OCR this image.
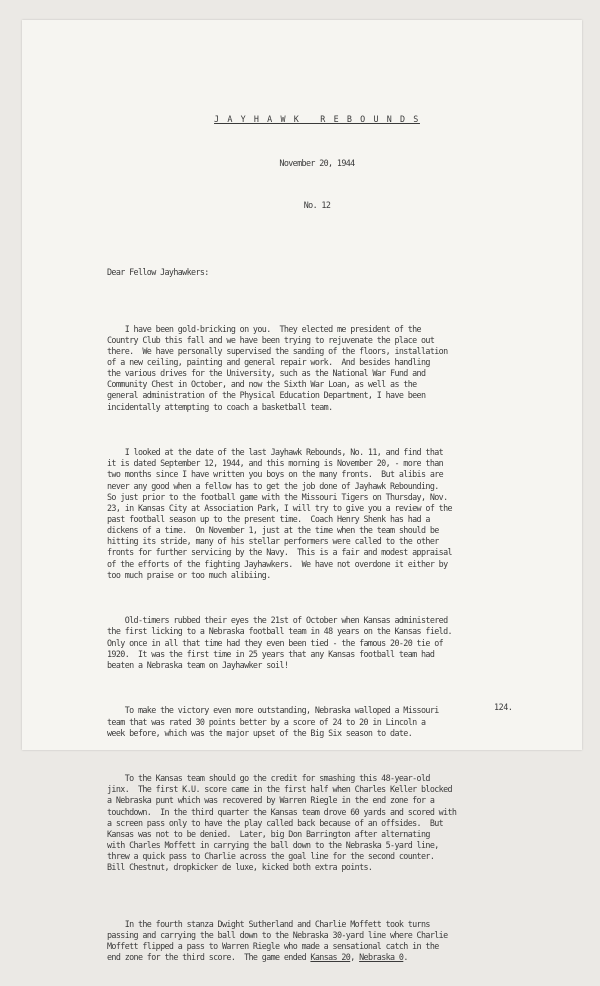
J A Y H A W K   R E B O U N D S

November 20, 1944

No. 12

Dear Fellow Jayhawkers:

I have been gold-bricking on you.  They elected me president of the
Country Club this fall and we have been trying to rejuvenate the place out
there.  We have personally supervised the sanding of the floors, installation
of a new ceiling, painting and general repair work.  And besides handling
the various drives for the University, such as the National War Fund and
Community Chest in October, and now the Sixth War Loan, as well as the
general administration of the Physical Education Department, I have been
incidentally attempting to coach a basketball team.

I looked at the date of the last Jayhawk Rebounds, No. 11, and find that
it is dated September 12, 1944, and this morning is November 20, - more than
two months since I have written you boys on the many fronts.  But alibis are
never any good when a fellow has to get the job done of Jayhawk Rebounding.
So just prior to the football game with the Missouri Tigers on Thursday, Nov.
23, in Kansas City at Association Park, I will try to give you a review of the
past football season up to the present time.  Coach Henry Shenk has had a
dickens of a time.  On November 1, just at the time when the team should be
hitting its stride, many of his stellar performers were called to the other
fronts for further servicing by the Navy.  This is a fair and modest appraisal
of the efforts of the fighting Jayhawkers.  We have not overdone it either by
too much praise or too much alibiing.

Old-timers rubbed their eyes the 21st of October when Kansas administered
the first licking to a Nebraska football team in 48 years on the Kansas field.
Only once in all that time had they even been tied - the famous 20-20 tie of
1920.  It was the first time in 25 years that any Kansas football team had
beaten a Nebraska team on Jayhawker soil!

To make the victory even more outstanding, Nebraska walloped a Missouri
team that was rated 30 points better by a score of 24 to 20 in Lincoln a
week before, which was the major upset of the Big Six season to date.

To the Kansas team should go the credit for smashing this 48-year-old
jinx.  The first K.U. score came in the first half when Charles Keller blocked
a Nebraska punt which was recovered by Warren Riegle in the end zone for a
touchdown.  In the third quarter the Kansas team drove 60 yards and scored with
a screen pass only to have the play called back because of an offsides.  But
Kansas was not to be denied.  Later, big Don Barrington after alternating
with Charles Moffett in carrying the ball down to the Nebraska 5-yard line,
threw a quick pass to Charlie across the goal line for the second counter.
Bill Chestnut, dropkicker de luxe, kicked both extra points.

In the fourth stanza Dwight Sutherland and Charlie Moffett took turns
passing and carrying the ball down to the Nebraska 30-yard line where Charlie
Moffett flipped a pass to Warren Riegle who made a sensational catch in the
end zone for the third score.  The game ended Kansas 20, Nebraska 0.

124.
